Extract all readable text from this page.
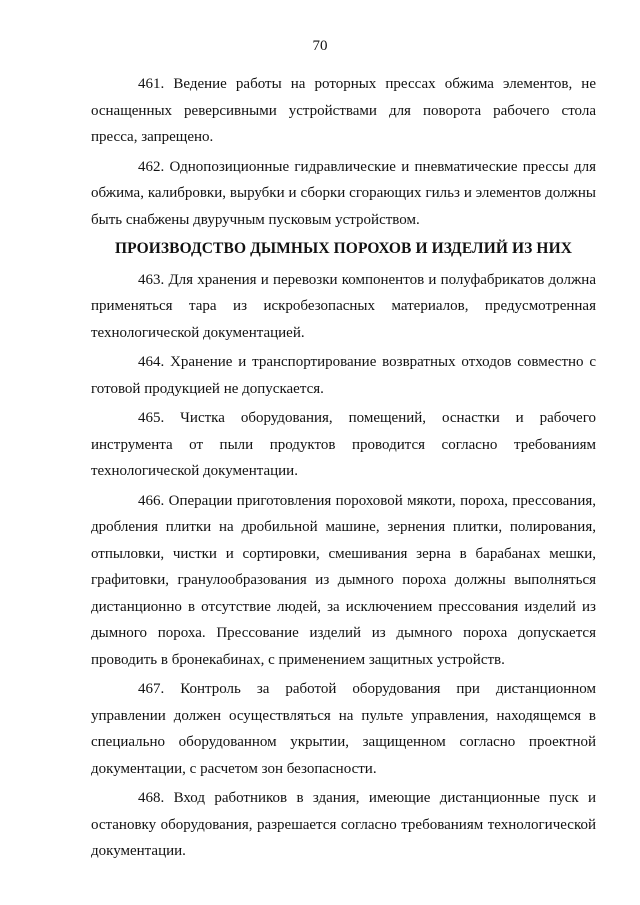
70

461. Ведение работы на роторных прессах обжима элементов, не оснащенных реверсивными устройствами для поворота рабочего стола пресса, запрещено.

462. Однопозиционные гидравлические и пневматические прессы для обжима, калибровки, вырубки и сборки сгорающих гильз и элементов должны быть снабжены двуручным пусковым устройством.

ПРОИЗВОДСТВО ДЫМНЫХ ПОРОХОВ И ИЗДЕЛИЙ ИЗ НИХ

463. Для хранения и перевозки компонентов и полуфабрикатов должна применяться тара из искробезопасных материалов, предусмотренная технологической документацией.

464. Хранение и транспортирование возвратных отходов совместно с готовой продукцией не допускается.

465. Чистка оборудования, помещений, оснастки и рабочего инструмента от пыли продуктов проводится согласно требованиям технологической документации.

466. Операции приготовления пороховой мякоти, пороха, прессования, дробления плитки на дробильной машине, зернения плитки, полирования, отпыловки, чистки и сортировки, смешивания зерна в барабанах мешки, графитовки, гранулообразования из дымного пороха должны выполняться дистанционно в отсутствие людей, за исключением прессования изделий из дымного пороха. Прессование изделий из дымного пороха допускается проводить в бронекабинах, с применением защитных устройств.

467. Контроль за работой оборудования при дистанционном управлении должен осуществляться на пульте управления, находящемся в специально оборудованном укрытии, защищенном согласно проектной документации, с расчетом зон безопасности.

468. Вход работников в здания, имеющие дистанционные пуск и остановку оборудования, разрешается согласно требованиям технологической документации.
